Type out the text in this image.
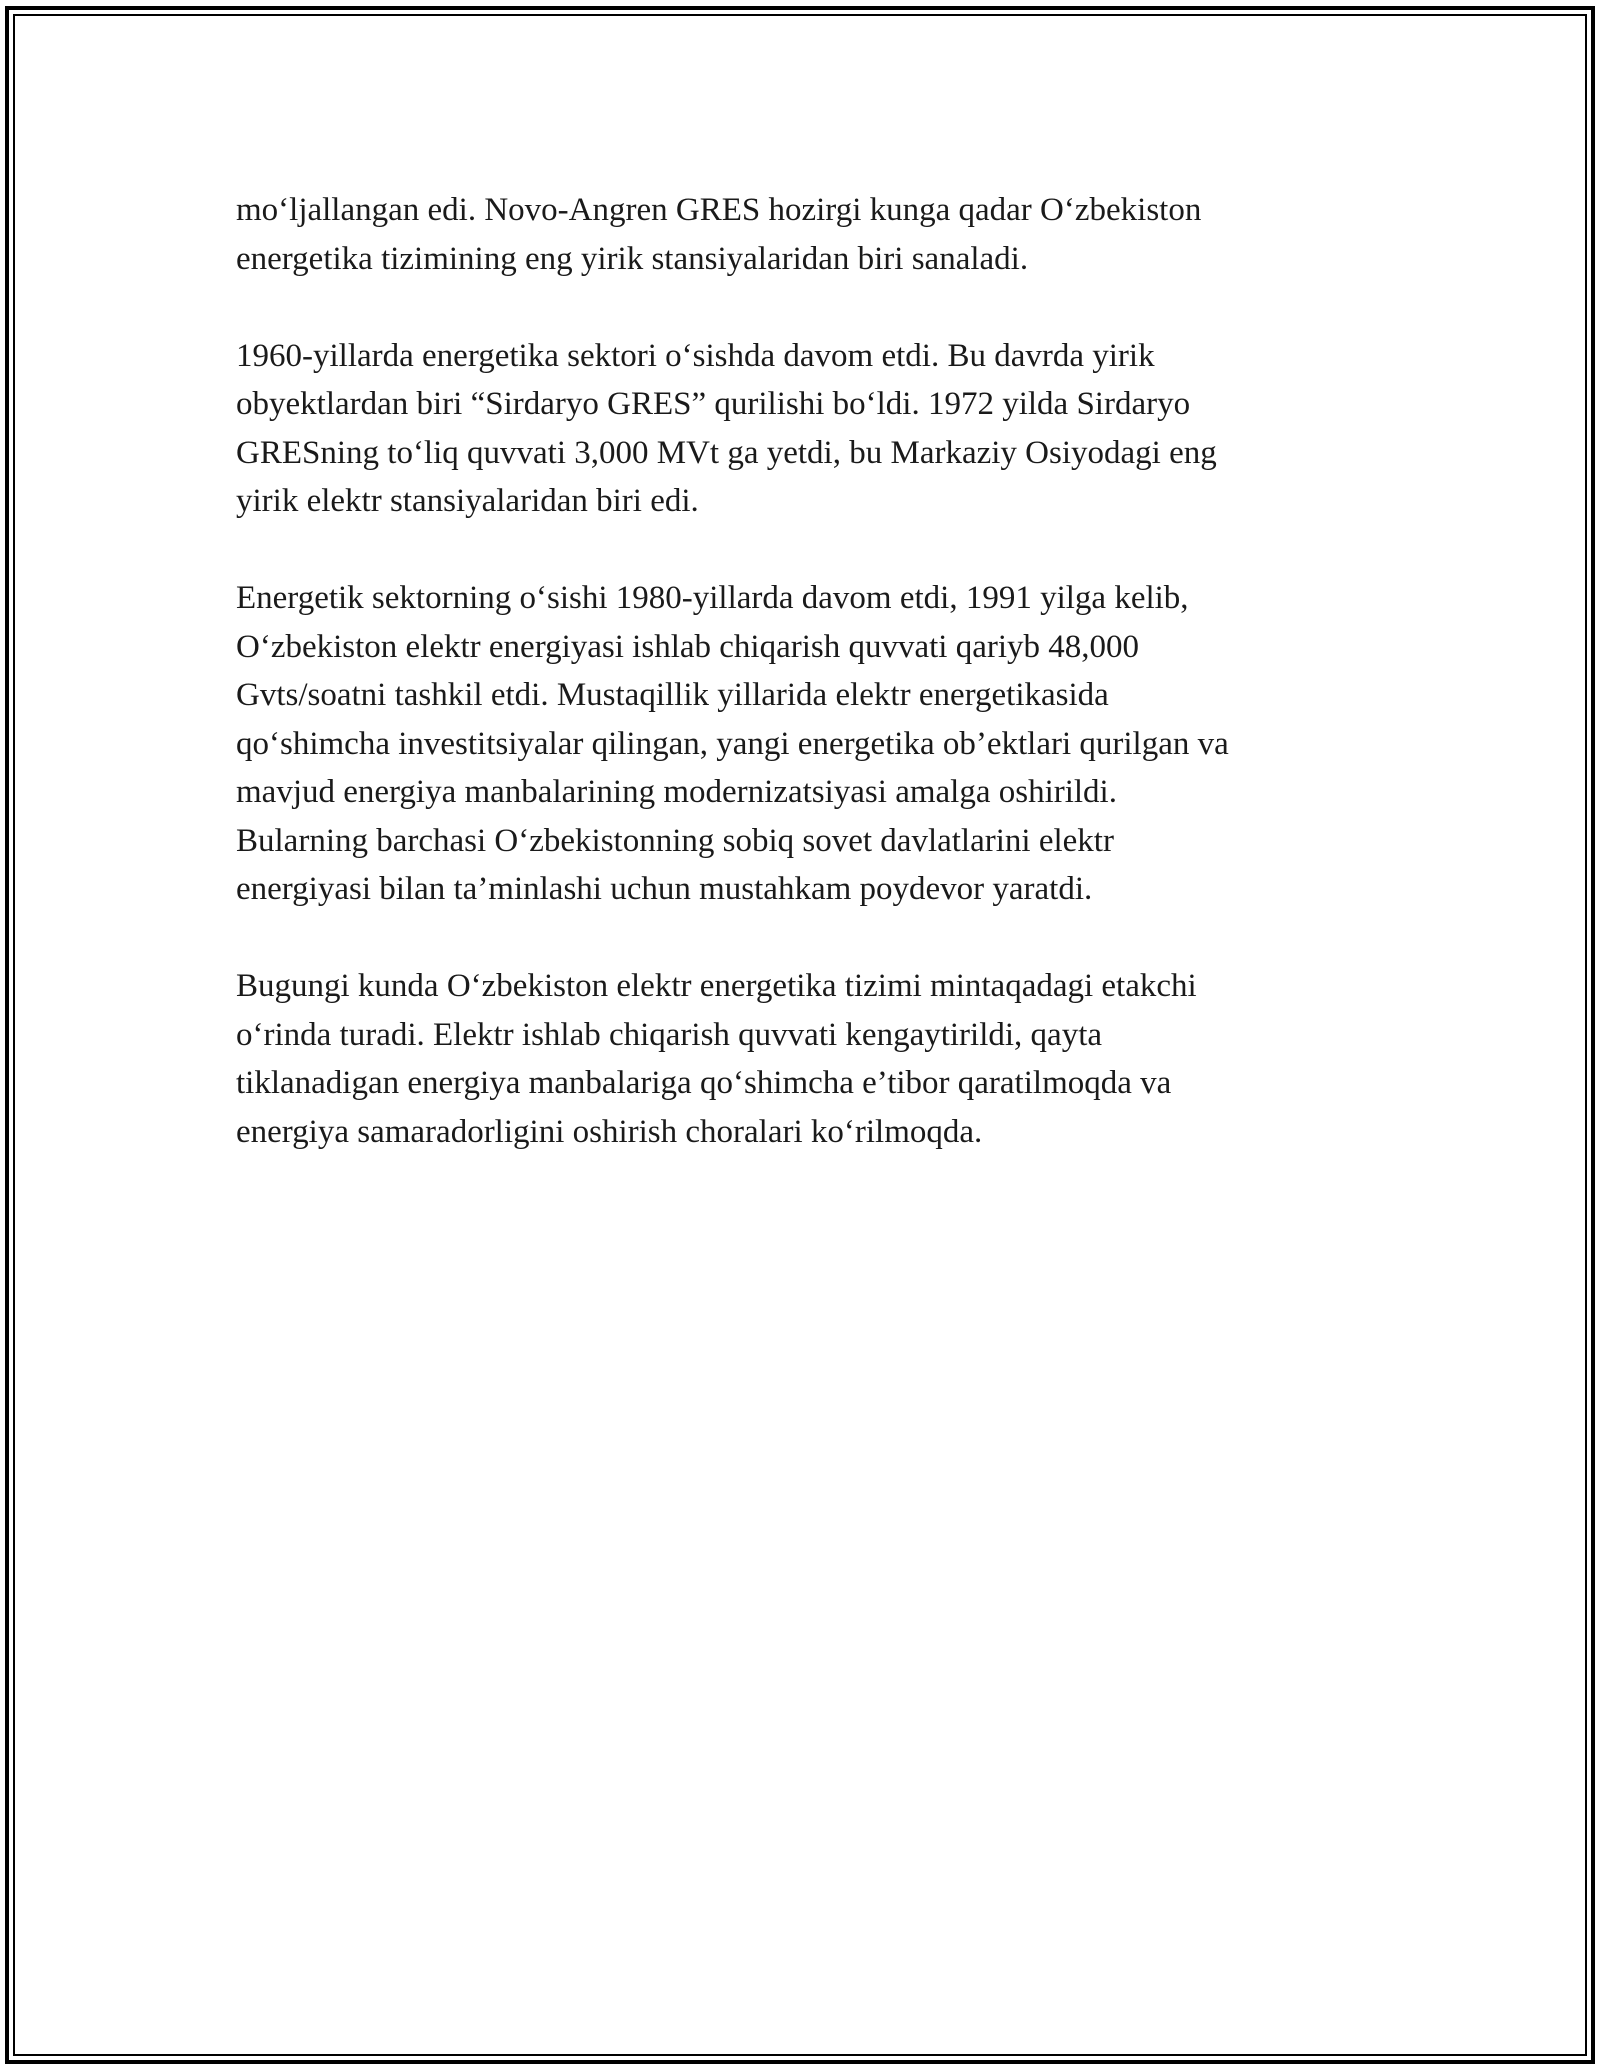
mo‘ljallangan edi. Novo-Angren GRES hozirgi kunga qadar O‘zbekiston
energetika tizimining eng yirik stansiyalaridan biri sanaladi.

1960-yillarda energetika sektori o‘sishda davom etdi. Bu davrda yirik
obyektlardan biri “Sirdaryo GRES” qurilishi bo‘ldi. 1972 yilda Sirdaryo
GRESning to‘liq quvvati 3,000 MVt ga yetdi, bu Markaziy Osiyodagi eng
yirik elektr stansiyalaridan biri edi.

Energetik sektorning o‘sishi 1980-yillarda davom etdi, 1991 yilga kelib,
O‘zbekiston elektr energiyasi ishlab chiqarish quvvati qariyb 48,000
Gvts/soatni tashkil etdi. Mustaqillik yillarida elektr energetikasida
qo‘shimcha investitsiyalar qilingan, yangi energetika ob’ektlari qurilgan va
mavjud energiya manbalarining modernizatsiyasi amalga oshirildi.
Bularning barchasi O‘zbekistonning sobiq sovet davlatlarini elektr
energiyasi bilan ta’minlashi uchun mustahkam poydevor yaratdi.

Bugungi kunda O‘zbekiston elektr energetika tizimi mintaqadagi etakchi
o‘rinda turadi. Elektr ishlab chiqarish quvvati kengaytirildi, qayta
tiklanadigan energiya manbalariga qo‘shimcha e’tibor qaratilmoqda va
energiya samaradorligini oshirish choralari ko‘rilmoqda.
